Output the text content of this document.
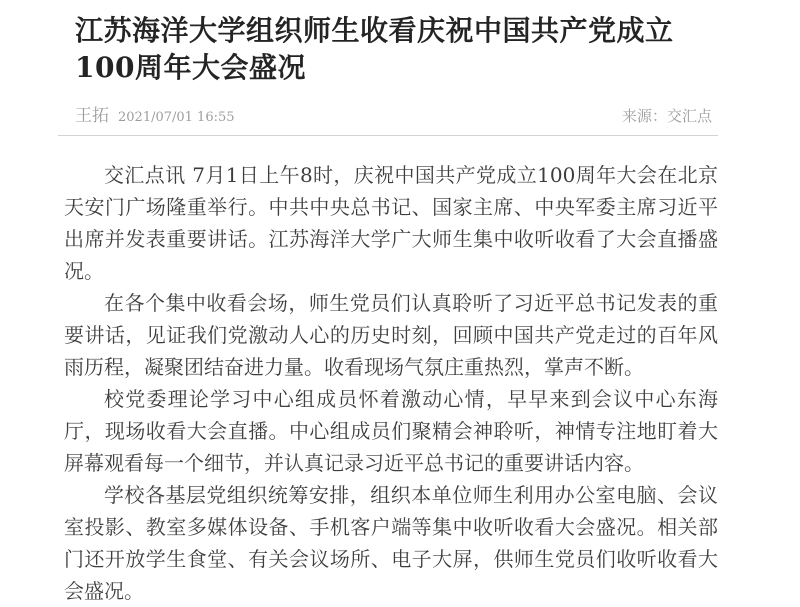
江苏海洋大学组织师生收看庆祝中国共产党成立100周年大会盛况
王拓 2021/07/01 16:55	来源：交汇点

交汇点讯 7月1日上午8时，庆祝中国共产党成立100周年大会在北京天安门广场隆重举行。中共中央总书记、国家主席、中央军委主席习近平出席并发表重要讲话。江苏海洋大学广大师生集中收听收看了大会直播盛况。

在各个集中收看会场，师生党员们认真聆听了习近平总书记发表的重要讲话，见证我们党激动人心的历史时刻，回顾中国共产党走过的百年风雨历程，凝聚团结奋进力量。收看现场气氛庄重热烈，掌声不断。

校党委理论学习中心组成员怀着激动心情，早早来到会议中心东海厅，现场收看大会直播。中心组成员们聚精会神聆听，神情专注地盯着大屏幕观看每一个细节，并认真记录习近平总书记的重要讲话内容。

学校各基层党组织统筹安排，组织本单位师生利用办公室电脑、会议室投影、教室多媒体设备、手机客户端等集中收听收看大会盛况。相关部门还开放学生食堂、有关会议场所、电子大屏，供师生党员们收听收看大会盛况。
